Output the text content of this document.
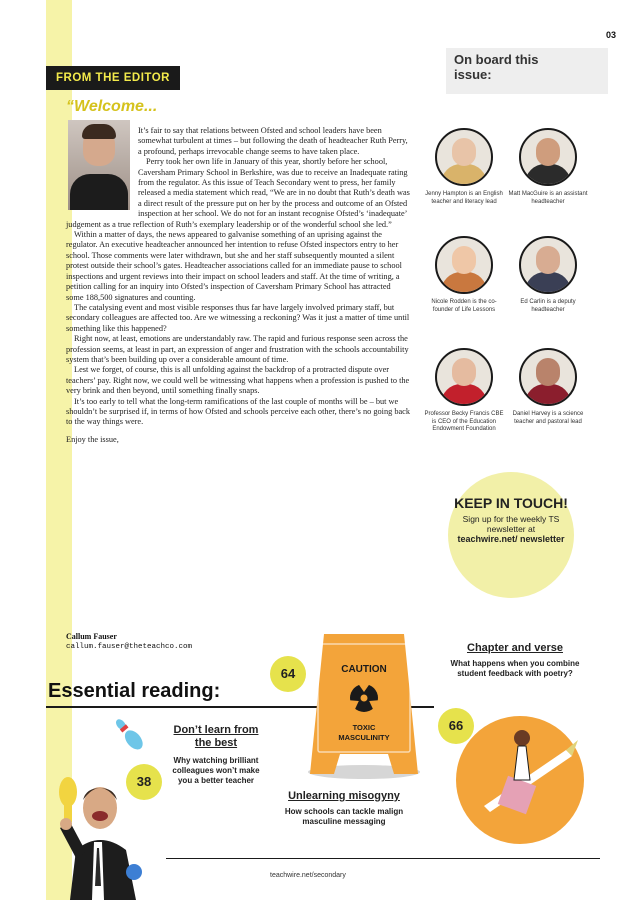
03
FROM THE EDITOR
“Welcome...

It’s fair to say that relations between Ofsted and school leaders have been somewhat turbulent at times – but following the death of headteacher Ruth Perry, a profound, perhaps irrevocable change seems to have taken place.

Perry took her own life in January of this year, shortly before her school, Caversham Primary School in Berkshire, was due to receive an Inadequate rating from the regulator. As this issue of Teach Secondary went to press, her family released a media statement which read, “We are in no doubt that Ruth’s death was a direct result of the pressure put on her by the process and outcome of an Ofsted inspection at her school. We do not for an instant recognise Ofsted’s ‘inadequate’ judgement as a true reflection of Ruth’s exemplary leadership or of the wonderful school she led.”

Within a matter of days, the news appeared to galvanise something of an uprising against the regulator. An executive headteacher announced her intention to refuse Ofsted inspectors entry to her school. Those comments were later withdrawn, but she and her staff subsequently mounted a silent protest outside their school’s gates. Headteacher associations called for an immediate pause to school inspections and urgent reviews into their impact on school leaders and staff. At the time of writing, a petition calling for an inquiry into Ofsted’s inspection of Caversham Primary School has attracted some 188,500 signatures and counting.

The catalysing event and most visible responses thus far have largely involved primary staff, but secondary colleagues are affected too. Are we witnessing a reckoning? Was it just a matter of time until something like this happened?

Right now, at least, emotions are understandably raw. The rapid and furious response seen across the profession seems, at least in part, an expression of anger and frustration with the schools accountability system that’s been building up over a considerable amount of time.

Lest we forget, of course, this is all unfolding against the backdrop of a protracted dispute over teachers’ pay. Right now, we could well be witnessing what happens when a profession is pushed to the very brink and then beyond, until something finally snaps.

It’s too early to tell what the long-term ramifications of the last couple of months will be – but we shouldn’t be surprised if, in terms of how Ofsted and schools perceive each other, there’s no going back to the way things were.

Enjoy the issue,

Callum Fauser
callum.fauser@theteachco.com
On board this issue:
Jenny Hampton is an English teacher and literacy lead
Matt MacGuire is an assistant headteacher
Nicole Rodden is the co-founder of Life Lessons
Ed Carlin is a deputy headteacher
Professor Becky Francis CBE is CEO of the Education Endowment Foundation
Daniel Harvey is a science teacher and pastoral lead
KEEP IN TOUCH!
Sign up for the weekly TS newsletter at
teachwire.net/ newsletter
Essential reading:
38
Don’t learn from the best
Why watching brilliant colleagues won’t make you a better teacher
64	CAUTION
TOXIC MASCULINITY
Unlearning misogyny
How schools can tackle malign masculine messaging
Chapter and verse
What happens when you combine student feedback with poetry?
66
teachwire.net/secondary
